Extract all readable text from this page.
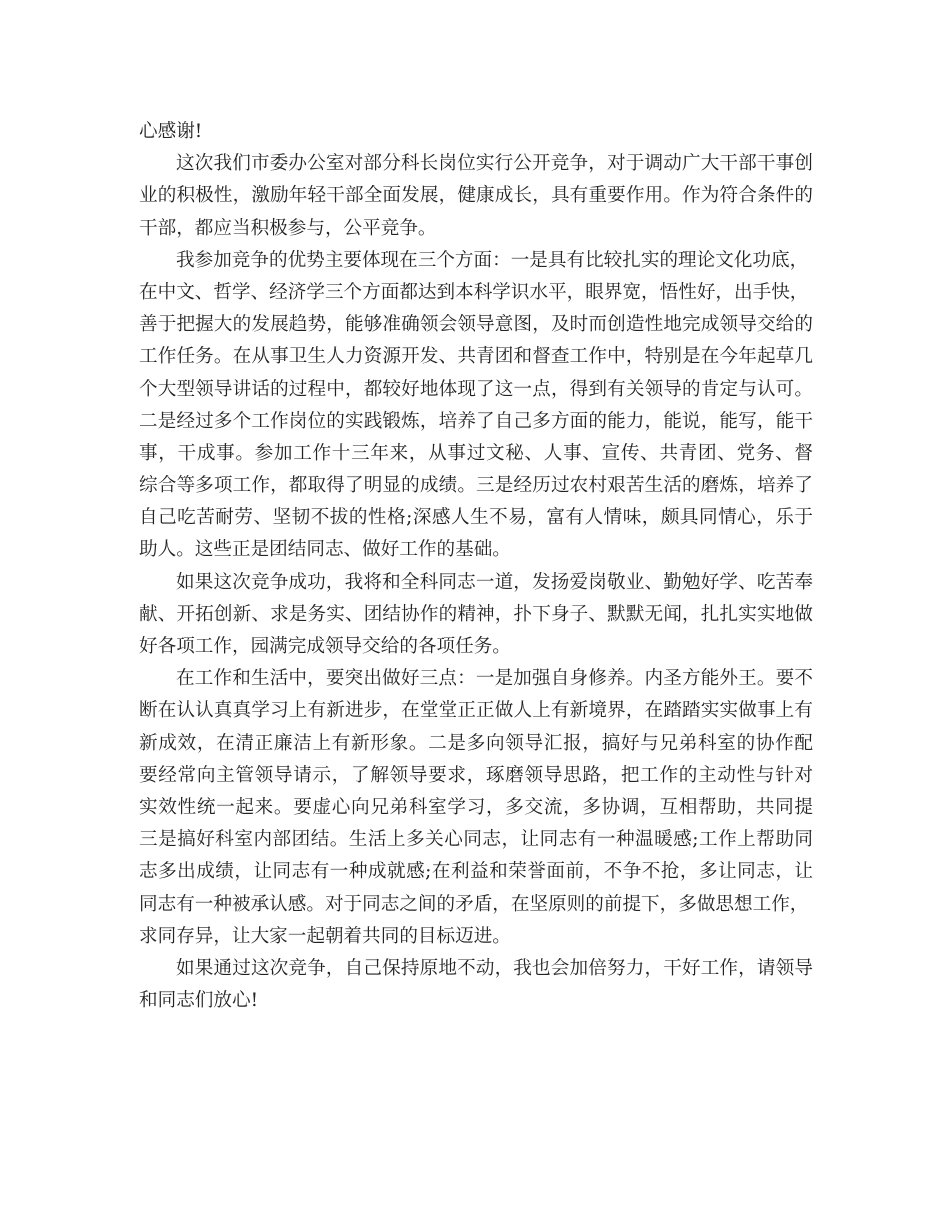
心感谢!
这次我们市委办公室对部分科长岗位实行公开竞争，对于调动广大干部干事创
业的积极性，激励年轻干部全面发展，健康成长，具有重要作用。作为符合条件的
干部，都应当积极参与，公平竞争。
我参加竞争的优势主要体现在三个方面：一是具有比较扎实的理论文化功底，
在中文、哲学、经济学三个方面都达到本科学识水平，眼界宽，悟性好，出手快，
善于把握大的发展趋势，能够准确领会领导意图，及时而创造性地完成领导交给的
工作任务。在从事卫生人力资源开发、共青团和督查工作中，特别是在今年起草几
个大型领导讲话的过程中，都较好地体现了这一点，得到有关领导的肯定与认可。
二是经过多个工作岗位的实践锻炼，培养了自己多方面的能力，能说，能写，能干
事，干成事。参加工作十三年来，从事过文秘、人事、宣传、共青团、党务、督
综合等多项工作，都取得了明显的成绩。三是经历过农村艰苦生活的磨炼，培养了
自己吃苦耐劳、坚韧不拔的性格;深感人生不易，富有人情味，颇具同情心，乐于
助人。这些正是团结同志、做好工作的基础。
如果这次竞争成功，我将和全科同志一道，发扬爱岗敬业、勤勉好学、吃苦奉
献、开拓创新、求是务实、团结协作的精神，扑下身子、默默无闻，扎扎实实地做
好各项工作，园满完成领导交给的各项任务。
在工作和生活中，要突出做好三点：一是加强自身修养。内圣方能外王。要不
断在认认真真学习上有新进步，在堂堂正正做人上有新境界，在踏踏实实做事上有
新成效，在清正廉洁上有新形象。二是多向领导汇报，搞好与兄弟科室的协作配
要经常向主管领导请示，了解领导要求，琢磨领导思路，把工作的主动性与针对
实效性统一起来。要虚心向兄弟科室学习，多交流，多协调，互相帮助，共同提
三是搞好科室内部团结。生活上多关心同志，让同志有一种温暖感;工作上帮助同
志多出成绩，让同志有一种成就感;在利益和荣誉面前，不争不抢，多让同志，让
同志有一种被承认感。对于同志之间的矛盾，在坚原则的前提下，多做思想工作，
求同存异，让大家一起朝着共同的目标迈进。
如果通过这次竞争，自己保持原地不动，我也会加倍努力，干好工作，请领导
和同志们放心!
